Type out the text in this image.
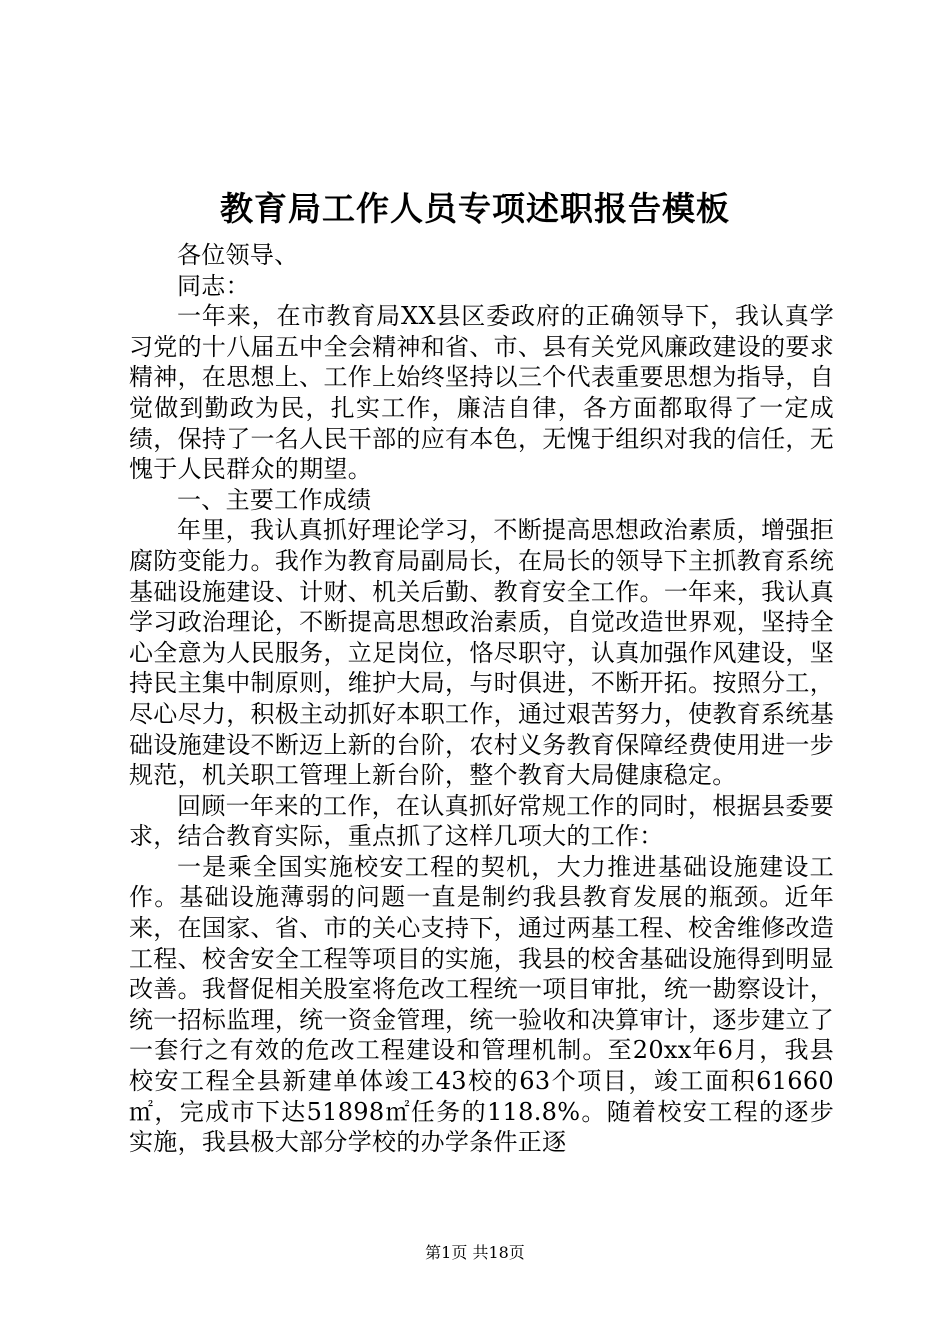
教育局工作人员专项述职报告模板

各位领导、

同志：

一年来，在市教育局XX县区委政府的正确领导下，我认真学习党的十八届五中全会精神和省、市、县有关党风廉政建设的要求精神，在思想上、工作上始终坚持以三个代表重要思想为指导，自觉做到勤政为民，扎实工作，廉洁自律，各方面都取得了一定成绩，保持了一名人民干部的应有本色，无愧于组织对我的信任，无愧于人民群众的期望。

一、主要工作成绩

年里，我认真抓好理论学习，不断提高思想政治素质，增强拒腐防变能力。我作为教育局副局长，在局长的领导下主抓教育系统基础设施建设、计财、机关后勤、教育安全工作。一年来，我认真学习政治理论，不断提高思想政治素质，自觉改造世界观，坚持全心全意为人民服务，立足岗位，恪尽职守，认真加强作风建设，坚持民主集中制原则，维护大局，与时俱进，不断开拓。按照分工，尽心尽力，积极主动抓好本职工作，通过艰苦努力，使教育系统基础设施建设不断迈上新的台阶，农村义务教育保障经费使用进一步规范，机关职工管理上新台阶，整个教育大局健康稳定。

回顾一年来的工作，在认真抓好常规工作的同时，根据县委要求，结合教育实际，重点抓了这样几项大的工作：

一是乘全国实施校安工程的契机，大力推进基础设施建设工作。基础设施薄弱的问题一直是制约我县教育发展的瓶颈。近年来，在国家、省、市的关心支持下，通过两基工程、校舍维修改造工程、校舍安全工程等项目的实施，我县的校舍基础设施得到明显改善。我督促相关股室将危改工程统一项目审批，统一勘察设计，统一招标监理，统一资金管理，统一验收和决算审计，逐步建立了一套行之有效的危改工程建设和管理机制。至20xx年6月，我县校安工程全县新建单体竣工43校的63个项目，竣工面积61660㎡，完成市下达51898㎡任务的118.8%。随着校安工程的逐步实施，我县极大部分学校的办学条件正逐

第1页 共18页
